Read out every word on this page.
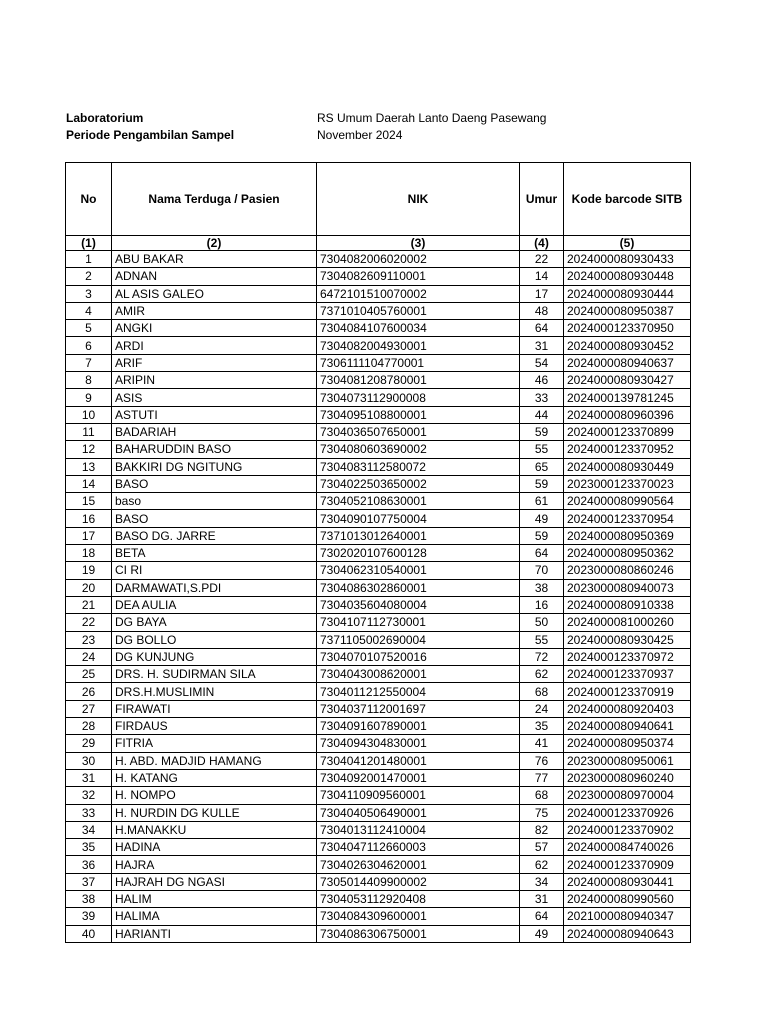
Laboratorium	RS Umum Daerah Lanto Daeng Pasewang
Periode Pengambilan Sampel	November 2024
No	Nama Terduga / Pasien	NIK	Umur	Kode barcode SITB
(1)	(2)	(3)	(4)	(5)
1	ABU BAKAR	7304082006020002	22	2024000080930433
2	ADNAN	7304082609110001	14	2024000080930448
3	AL ASIS GALEO	6472101510070002	17	2024000080930444
4	AMIR	7371010405760001	48	2024000080950387
5	ANGKI	7304084107600034	64	2024000123370950
6	ARDI	7304082004930001	31	2024000080930452
7	ARIF	7306111104770001	54	2024000080940637
8	ARIPIN	7304081208780001	46	2024000080930427
9	ASIS	7304073112900008	33	2024000139781245
10	ASTUTI	7304095108800001	44	2024000080960396
11	BADARIAH	7304036507650001	59	2024000123370899
12	BAHARUDDIN BASO	7304080603690002	55	2024000123370952
13	BAKKIRI DG NGITUNG	7304083112580072	65	2024000080930449
14	BASO	7304022503650002	59	2023000123370023
15	baso	7304052108630001	61	2024000080990564
16	BASO	7304090107750004	49	2024000123370954
17	BASO DG. JARRE	7371013012640001	59	2024000080950369
18	BETA	7302020107600128	64	2024000080950362
19	CI RI	7304062310540001	70	2023000080860246
20	DARMAWATI,S.PDI	7304086302860001	38	2023000080940073
21	DEA AULIA	7304035604080004	16	2024000080910338
22	DG BAYA	7304107112730001	50	2024000081000260
23	DG BOLLO	7371105002690004	55	2024000080930425
24	DG KUNJUNG	7304070107520016	72	2024000123370972
25	DRS. H. SUDIRMAN SILA	7304043008620001	62	2024000123370937
26	DRS.H.MUSLIMIN	7304011212550004	68	2024000123370919
27	FIRAWATI	7304037112001697	24	2024000080920403
28	FIRDAUS	7304091607890001	35	2024000080940641
29	FITRIA	7304094304830001	41	2024000080950374
30	H. ABD. MADJID HAMANG	7304041201480001	76	2023000080950061
31	H. KATANG	7304092001470001	77	2023000080960240
32	H. NOMPO	7304110909560001	68	2023000080970004
33	H. NURDIN DG KULLE	7304040506490001	75	2024000123370926
34	H.MANAKKU	7304013112410004	82	2024000123370902
35	HADINA	7304047112660003	57	2024000084740026
36	HAJRA	7304026304620001	62	2024000123370909
37	HAJRAH DG NGASI	7305014409900002	34	2024000080930441
38	HALIM	7304053112920408	31	2024000080990560
39	HALIMA	7304084309600001	64	2021000080940347
40	HARIANTI	7304086306750001	49	2024000080940643
